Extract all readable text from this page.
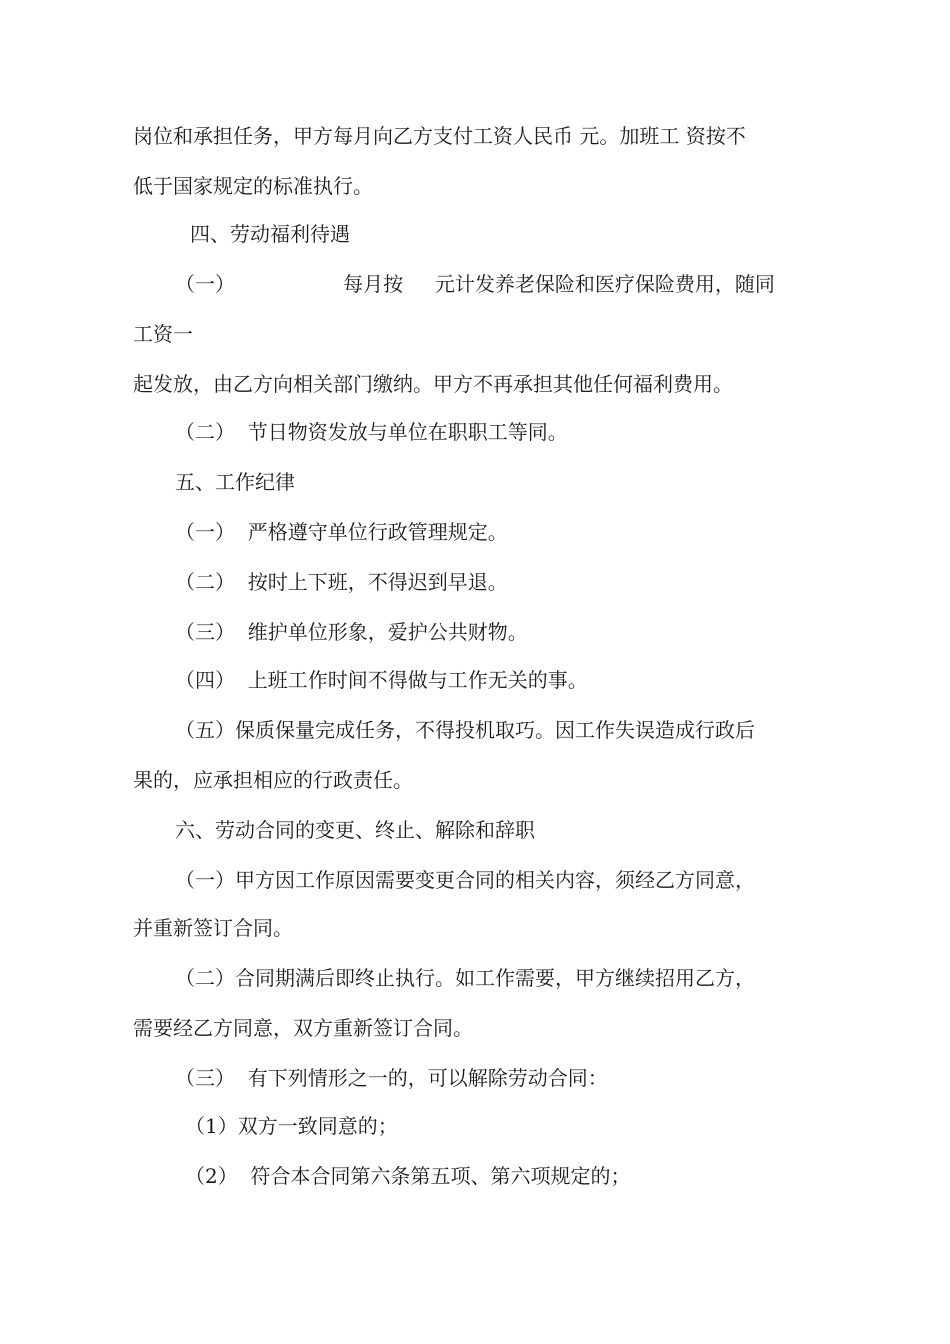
岗位和承担任务，甲方每月向乙方支付工资人民币 元。加班工 资按不
低于国家规定的标准执行。
四、劳动福利待遇
（一）                 每月按     元计发养老保险和医疗保险费用，随同
工资一
起发放，由乙方向相关部门缴纳。甲方不再承担其他任何福利费用。
（二）  节日物资发放与单位在职职工等同。
五、工作纪律
（一）  严格遵守单位行政管理规定。
（二）  按时上下班，不得迟到早退。
（三）  维护单位形象，爱护公共财物。
（四）  上班工作时间不得做与工作无关的事。
（五）保质保量完成任务，不得投机取巧。因工作失误造成行政后
果的，应承担相应的行政责任。
六、劳动合同的变更、终止、解除和辞职
（一）甲方因工作原因需要变更合同的相关内容，须经乙方同意，
并重新签订合同。
（二）合同期满后即终止执行。如工作需要，甲方继续招用乙方，
需要经乙方同意，双方重新签订合同。
（三）  有下列情形之一的，可以解除劳动合同：
（1）双方一致同意的；
（2）  符合本合同第六条第五项、第六项规定的；
